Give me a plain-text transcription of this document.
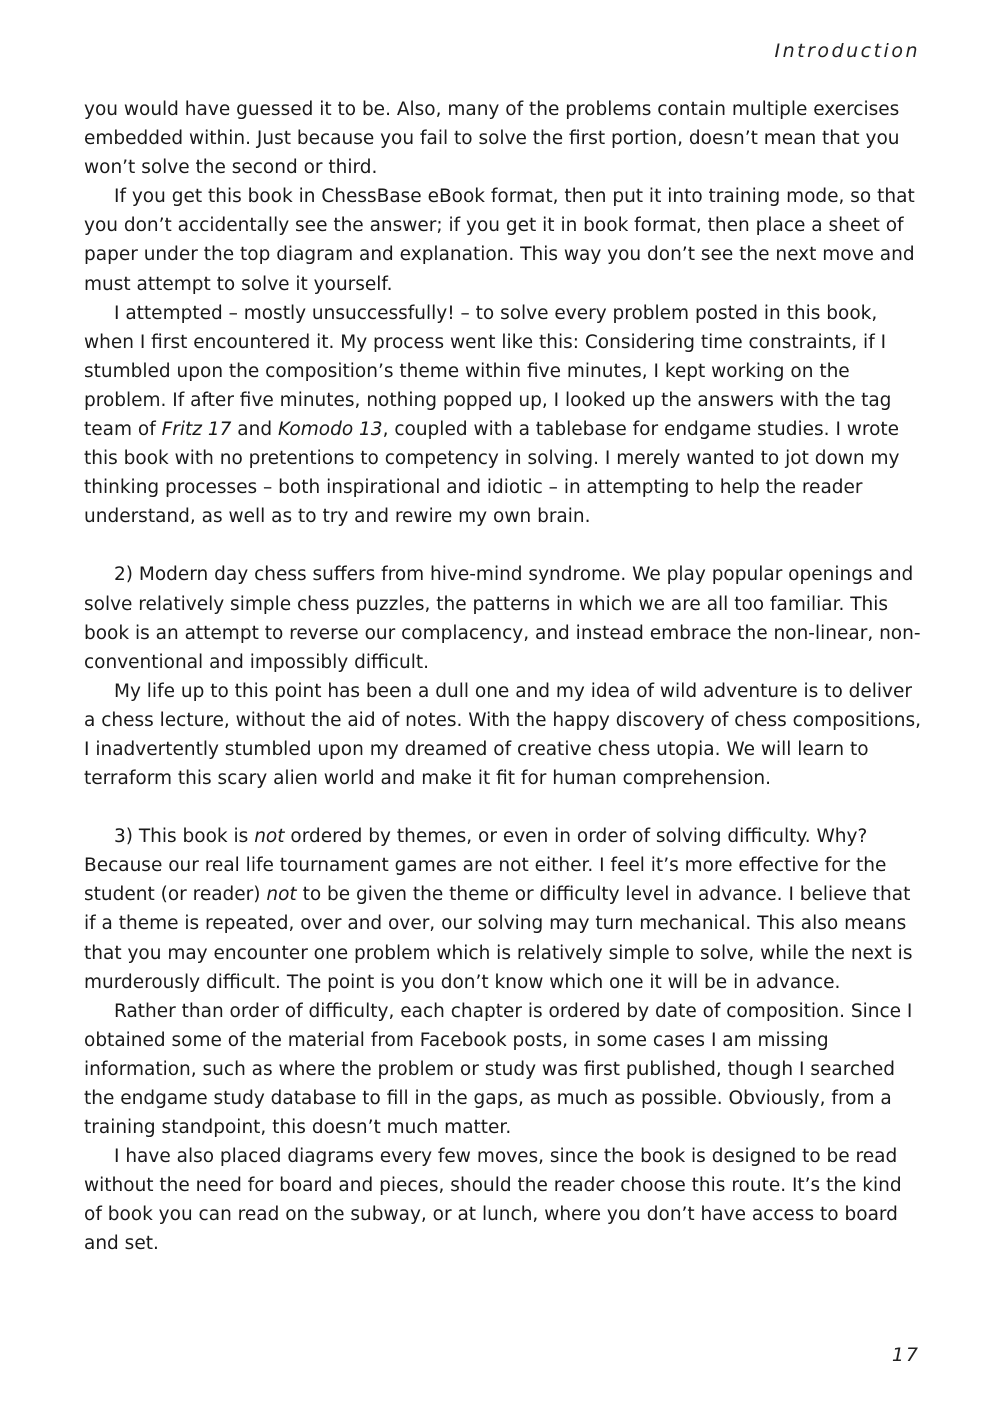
Introduction

you would have guessed it to be. Also, many of the problems contain multiple exercises embedded within. Just because you fail to solve the first portion, doesn’t mean that you won’t solve the second or third.

If you get this book in ChessBase eBook format, then put it into training mode, so that you don’t accidentally see the answer; if you get it in book format, then place a sheet of paper under the top diagram and explanation. This way you don’t see the next move and must attempt to solve it yourself.

I attempted – mostly unsuccessfully! – to solve every problem posted in this book, when I first encountered it. My process went like this: Considering time constraints, if I stumbled upon the composition’s theme within five minutes, I kept working on the problem. If after five minutes, nothing popped up, I looked up the answers with the tag team of Fritz 17 and Komodo 13, coupled with a tablebase for endgame studies. I wrote this book with no pretentions to competency in solving. I merely wanted to jot down my thinking processes – both inspirational and idiotic – in attempting to help the reader understand, as well as to try and rewire my own brain.

2) Modern day chess suffers from hive-mind syndrome. We play popular openings and solve relatively simple chess puzzles, the patterns in which we are all too familiar. This book is an attempt to reverse our complacency, and instead embrace the non-linear, non-conventional and impossibly difficult.

My life up to this point has been a dull one and my idea of wild adventure is to deliver a chess lecture, without the aid of notes. With the happy discovery of chess compositions, I inadvertently stumbled upon my dreamed of creative chess utopia. We will learn to terraform this scary alien world and make it fit for human comprehension.

3) This book is not ordered by themes, or even in order of solving difficulty. Why? Because our real life tournament games are not either. I feel it’s more effective for the student (or reader) not to be given the theme or difficulty level in advance. I believe that if a theme is repeated, over and over, our solving may turn mechanical. This also means that you may encounter one problem which is relatively simple to solve, while the next is murderously difficult. The point is you don’t know which one it will be in advance.

Rather than order of difficulty, each chapter is ordered by date of composition. Since I obtained some of the material from Facebook posts, in some cases I am missing information, such as where the problem or study was first published, though I searched the endgame study database to fill in the gaps, as much as possible. Obviously, from a training standpoint, this doesn’t much matter.

I have also placed diagrams every few moves, since the book is designed to be read without the need for board and pieces, should the reader choose this route. It’s the kind of book you can read on the subway, or at lunch, where you don’t have access to board and set.

17
